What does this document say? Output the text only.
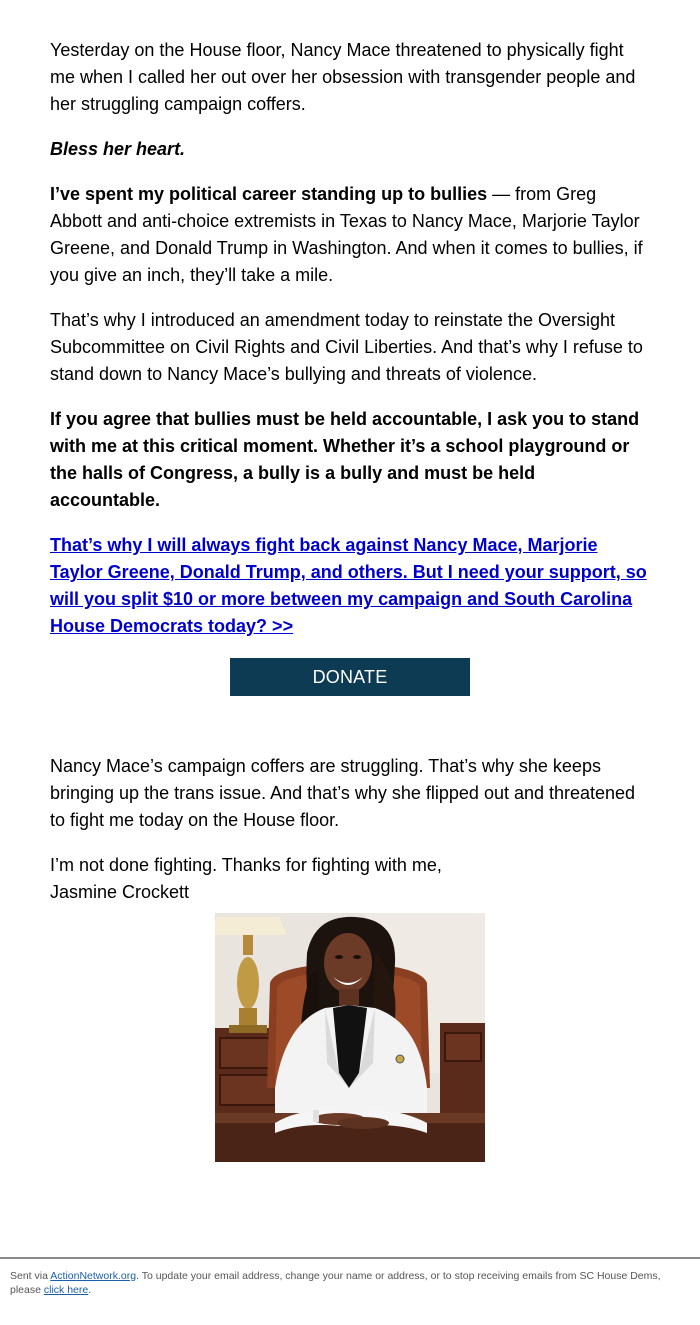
Yesterday on the House floor, Nancy Mace threatened to physically fight me when I called her out over her obsession with transgender people and her struggling campaign coffers.

Bless her heart.

I’ve spent my political career standing up to bullies — from Greg Abbott and anti-choice extremists in Texas to Nancy Mace, Marjorie Taylor Greene, and Donald Trump in Washington. And when it comes to bullies, if you give an inch, they’ll take a mile.

That’s why I introduced an amendment today to reinstate the Oversight Subcommittee on Civil Rights and Civil Liberties. And that’s why I refuse to stand down to Nancy Mace’s bullying and threats of violence.

If you agree that bullies must be held accountable, I ask you to stand with me at this critical moment. Whether it’s a school playground or the halls of Congress, a bully is a bully and must be held accountable.

That’s why I will always fight back against Nancy Mace, Marjorie Taylor Greene, Donald Trump, and others. But I need your support, so will you split $10 or more between my campaign and South Carolina House Democrats today? >>

DONATE

Nancy Mace’s campaign coffers are struggling. That’s why she keeps bringing up the trans issue. And that’s why she flipped out and threatened to fight me today on the House floor.

I’m not done fighting. Thanks for fighting with me,
Jasmine Crockett

Sent via ActionNetwork.org. To update your email address, change your name or address, or to stop receiving emails from SC House Dems, please click here.
